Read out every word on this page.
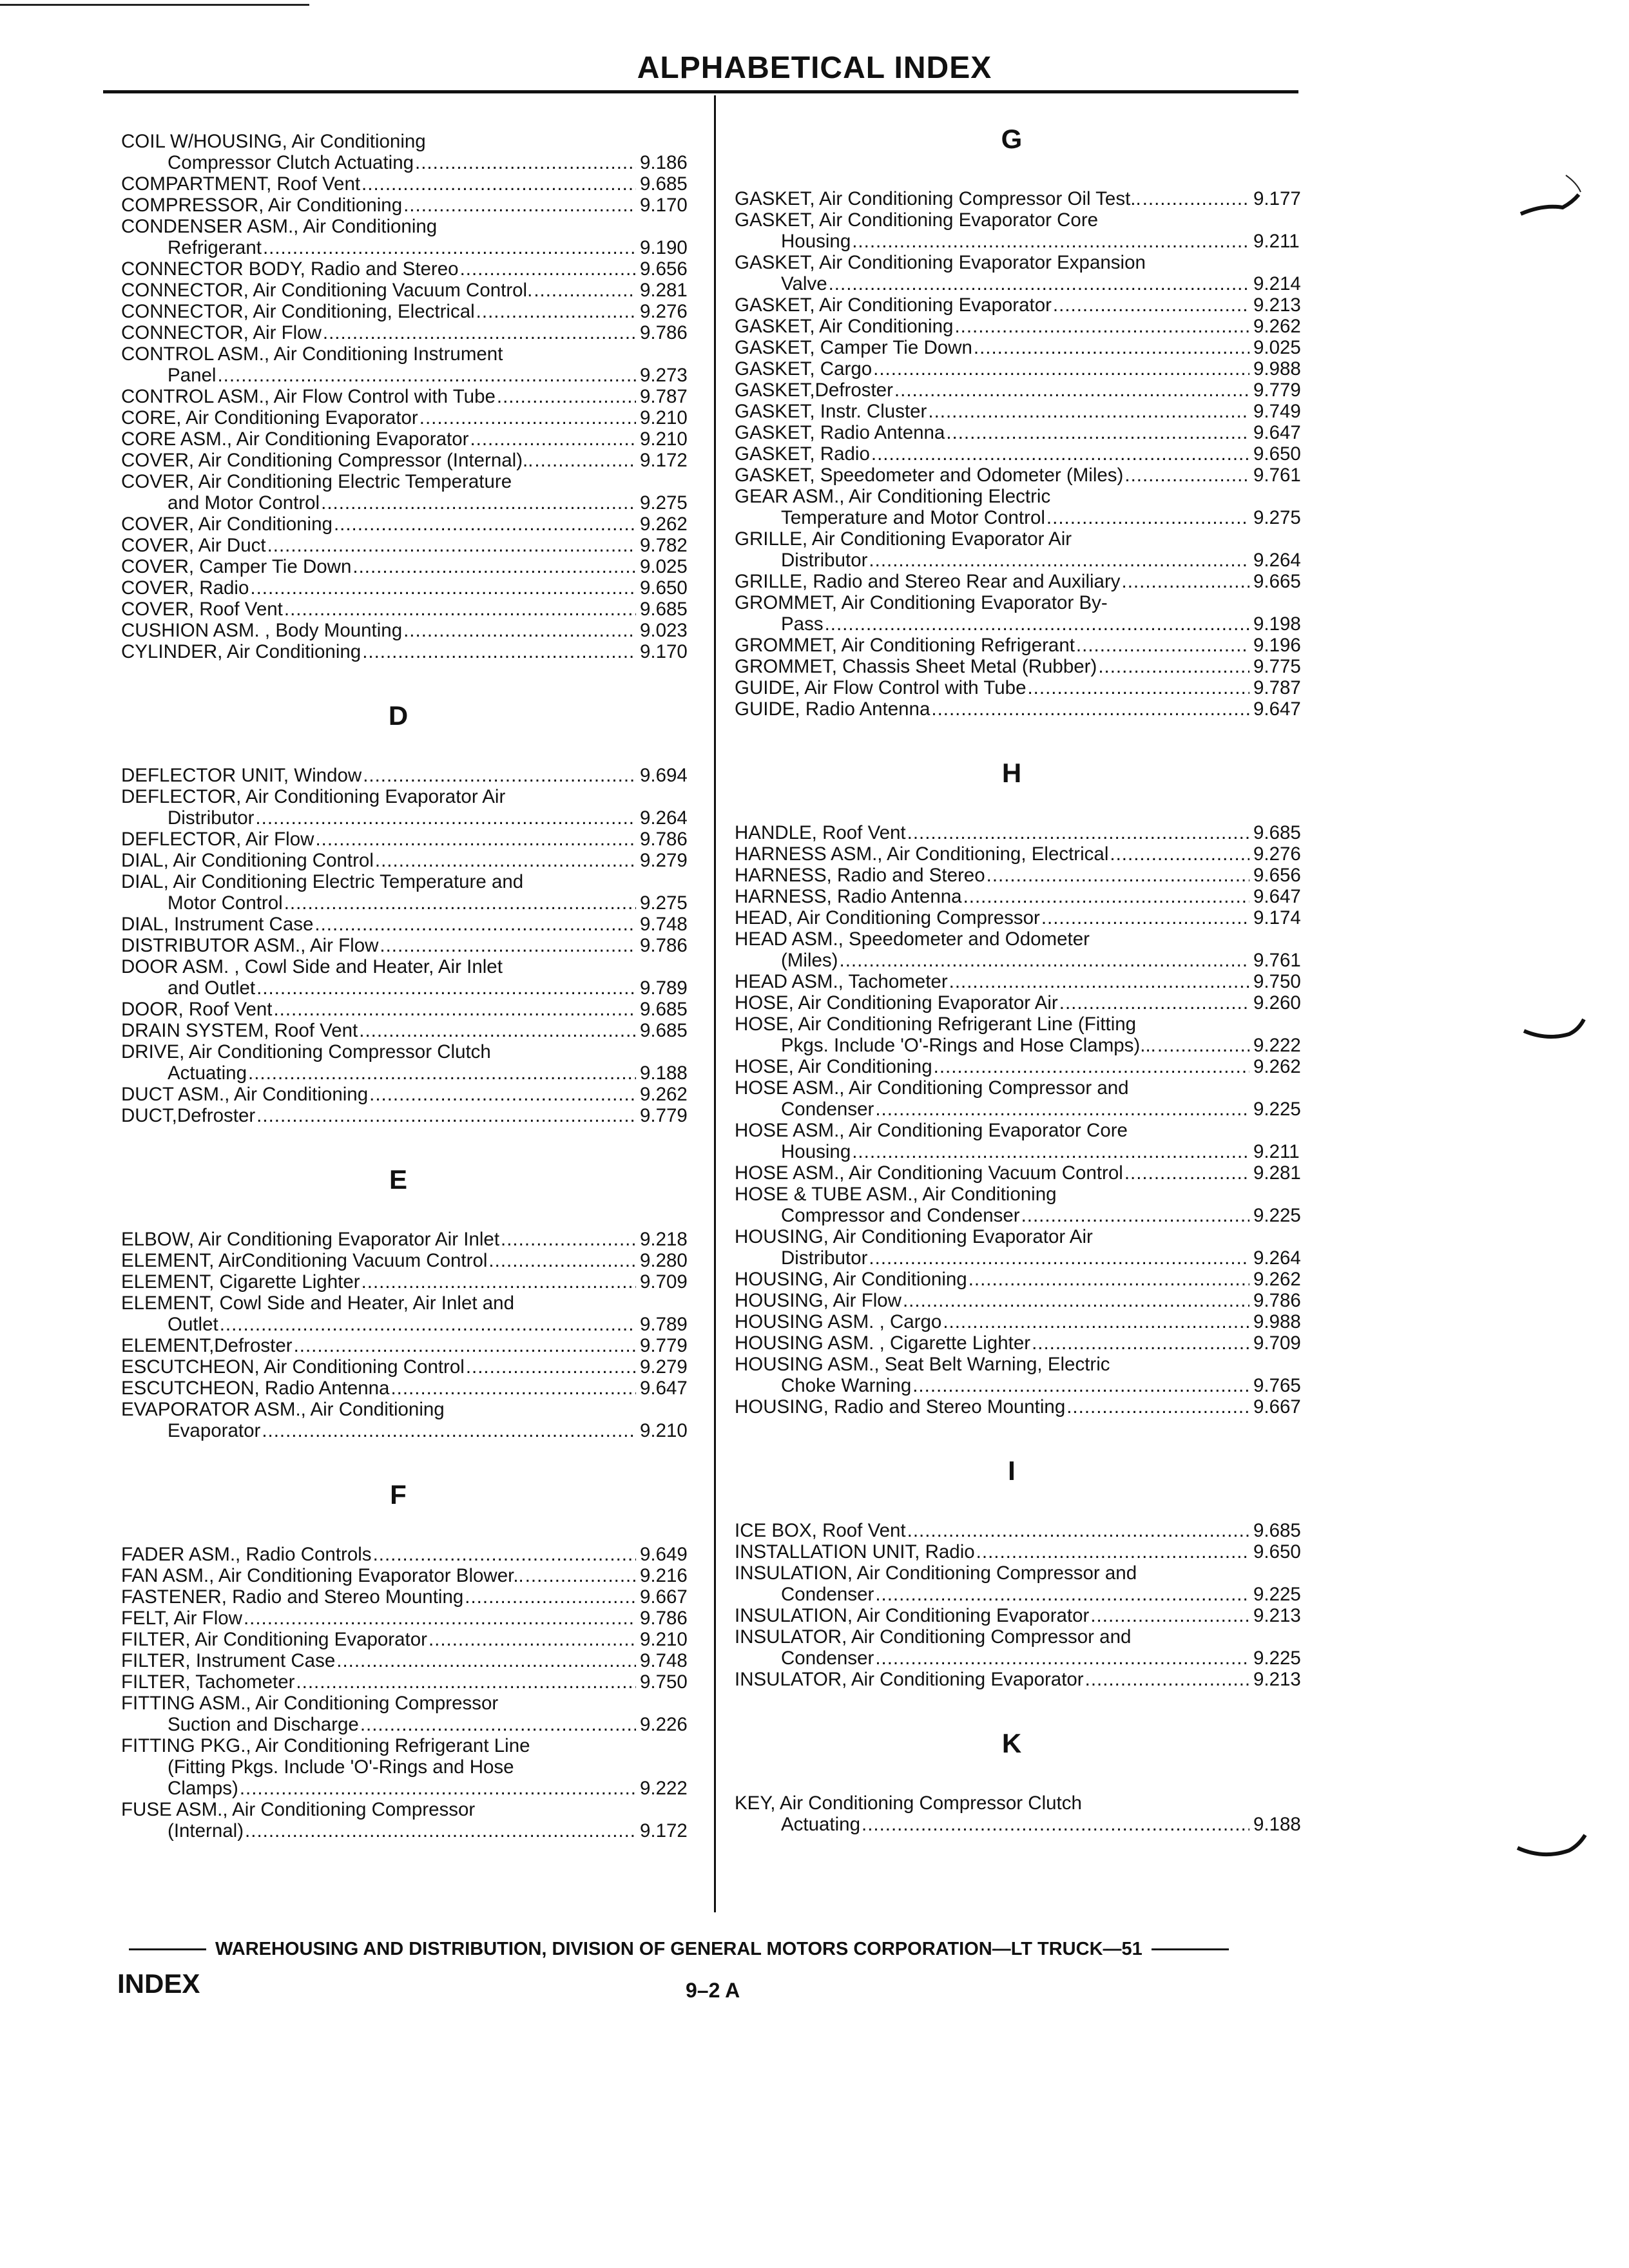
ALPHABETICAL INDEX
COIL W/HOUSING, Air Conditioning
Compressor Clutch Actuating .....	9.186
COMPARTMENT, Roof Vent .....	9.685
COMPRESSOR, Air Conditioning .....	9.170
CONDENSER ASM., Air Conditioning
Refrigerant .....	9.190
CONNECTOR BODY, Radio and Stereo .....	9.656
CONNECTOR, Air Conditioning Vacuum Control. .....	9.281
CONNECTOR, Air Conditioning, Electrical .....	9.276
CONNECTOR, Air Flow .....	9.786
CONTROL ASM., Air Conditioning Instrument
Panel .....	9.273
CONTROL ASM., Air Flow Control with Tube .....	9.787
CORE, Air Conditioning Evaporator .....	9.210
CORE ASM., Air Conditioning Evaporator .....	9.210
COVER, Air Conditioning Compressor (Internal).. .....	9.172
COVER, Air Conditioning Electric Temperature
and Motor Control .....	9.275
COVER, Air Conditioning .....	9.262
COVER, Air Duct .....	9.782
COVER, Camper Tie Down .....	9.025
COVER, Radio .....	9.650
COVER, Roof Vent .....	9.685
CUSHION ASM. , Body Mounting .....	9.023
CYLINDER, Air Conditioning .....	9.170
D
DEFLECTOR UNIT, Window .....	9.694
DEFLECTOR, Air Conditioning Evaporator Air
Distributor .....	9.264
DEFLECTOR, Air Flow .....	9.786
DIAL, Air Conditioning Control .....	9.279
DIAL, Air Conditioning Electric Temperature and
Motor Control .....	9.275
DIAL, Instrument Case .....	9.748
DISTRIBUTOR ASM., Air Flow .....	9.786
DOOR ASM. , Cowl Side and Heater, Air Inlet
and Outlet .....	9.789
DOOR, Roof Vent .....	9.685
DRAIN SYSTEM, Roof Vent .....	9.685
DRIVE, Air Conditioning Compressor Clutch
Actuating .....	9.188
DUCT ASM., Air Conditioning .....	9.262
DUCT,Defroster .....	9.779
E
ELBOW, Air Conditioning Evaporator Air Inlet .....	9.218
ELEMENT, AirConditioning Vacuum Control .....	9.280
ELEMENT, Cigarette Lighter .....	9.709
ELEMENT, Cowl Side and Heater, Air Inlet and
Outlet .....	9.789
ELEMENT,Defroster .....	9.779
ESCUTCHEON, Air Conditioning Control .....	9.279
ESCUTCHEON, Radio Antenna .....	9.647
EVAPORATOR ASM., Air Conditioning
Evaporator .....	9.210
F
FADER ASM., Radio Controls .....	9.649
FAN ASM., Air Conditioning Evaporator Blower.. .....	9.216
FASTENER, Radio and Stereo Mounting .....	9.667
FELT, Air Flow .....	9.786
FILTER, Air Conditioning Evaporator .....	9.210
FILTER, Instrument Case .....	9.748
FILTER, Tachometer .....	9.750
FITTING ASM., Air Conditioning Compressor
Suction and Discharge .....	9.226
FITTING PKG., Air Conditioning Refrigerant Line
(Fitting Pkgs. Include 'O'-Rings and Hose
Clamps) .....	9.222
FUSE ASM., Air Conditioning Compressor
(Internal) .....	9.172
G
GASKET, Air Conditioning Compressor Oil Test.. .....	9.177
GASKET, Air Conditioning Evaporator Core
Housing .....	9.211
GASKET, Air Conditioning Evaporator Expansion
Valve .....	9.214
GASKET, Air Conditioning Evaporator .....	9.213
GASKET, Air Conditioning .....	9.262
GASKET, Camper Tie Down .....	9.025
GASKET, Cargo .....	9.988
GASKET,Defroster .....	9.779
GASKET, Instr. Cluster .....	9.749
GASKET, Radio Antenna .....	9.647
GASKET, Radio .....	9.650
GASKET, Speedometer and Odometer (Miles) .....	9.761
GEAR ASM., Air Conditioning Electric
Temperature and Motor Control .....	9.275
GRILLE, Air Conditioning Evaporator Air
Distributor .....	9.264
GRILLE, Radio and Stereo Rear and Auxiliary .....	9.665
GROMMET, Air Conditioning Evaporator By-
Pass .....	9.198
GROMMET, Air Conditioning Refrigerant .....	9.196
GROMMET, Chassis Sheet Metal (Rubber) .....	9.775
GUIDE, Air Flow Control with Tube .....	9.787
GUIDE, Radio Antenna .....	9.647
H
HANDLE, Roof Vent .....	9.685
HARNESS ASM., Air Conditioning, Electrical .....	9.276
HARNESS, Radio and Stereo .....	9.656
HARNESS, Radio Antenna .....	9.647
HEAD, Air Conditioning Compressor .....	9.174
HEAD ASM., Speedometer and Odometer
(Miles) .....	9.761
HEAD ASM., Tachometer .....	9.750
HOSE, Air Conditioning Evaporator Air .....	9.260
HOSE, Air Conditioning Refrigerant Line (Fitting
Pkgs. Include 'O'-Rings and Hose Clamps)... .....	9.222
HOSE, Air Conditioning .....	9.262
HOSE ASM., Air Conditioning Compressor and
Condenser .....	9.225
HOSE ASM., Air Conditioning Evaporator Core
Housing .....	9.211
HOSE ASM., Air Conditioning Vacuum Control .....	9.281
HOSE & TUBE ASM., Air Conditioning
Compressor and Condenser .....	9.225
HOUSING, Air Conditioning Evaporator Air
Distributor .....	9.264
HOUSING, Air Conditioning .....	9.262
HOUSING, Air Flow .....	9.786
HOUSING ASM. , Cargo .....	9.988
HOUSING ASM. , Cigarette Lighter .....	9.709
HOUSING ASM., Seat Belt Warning, Electric
Choke Warning .....	9.765
HOUSING, Radio and Stereo Mounting .....	9.667
I
ICE BOX, Roof Vent .....	9.685
INSTALLATION UNIT, Radio .....	9.650
INSULATION, Air Conditioning Compressor and
Condenser .....	9.225
INSULATION, Air Conditioning Evaporator .....	9.213
INSULATOR, Air Conditioning Compressor and
Condenser .....	9.225
INSULATOR, Air Conditioning Evaporator .....	9.213
K
KEY, Air Conditioning Compressor Clutch
Actuating .....	9.188
WAREHOUSING AND DISTRIBUTION, DIVISION OF GENERAL MOTORS CORPORATION—LT TRUCK—51
INDEX	9–2 A
